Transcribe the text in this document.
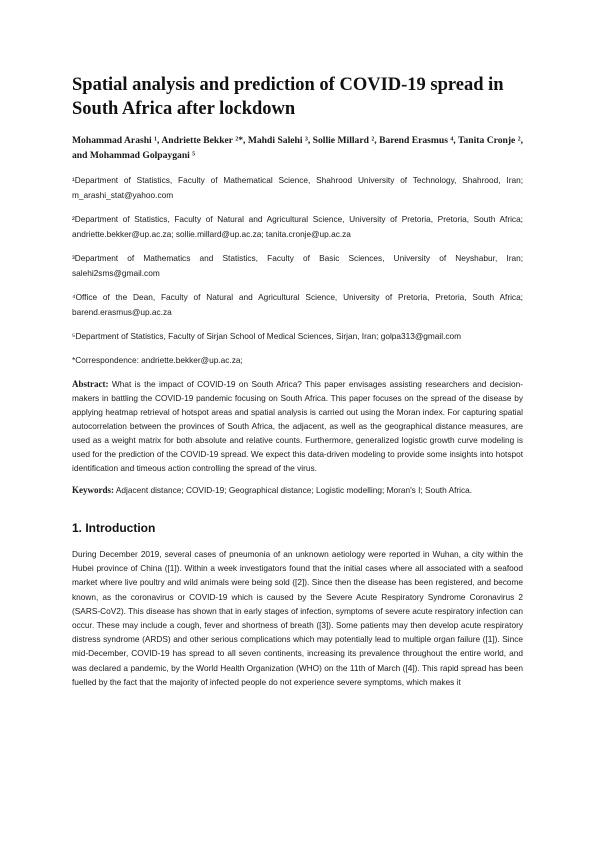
Spatial analysis and prediction of COVID-19 spread in South Africa after lockdown

Mohammad Arashi ¹, Andriette Bekker ²*, Mahdi Salehi ³, Sollie Millard ², Barend Erasmus ⁴, Tanita Cronje ², and Mohammad Golpaygani ⁵

¹Department of Statistics, Faculty of Mathematical Science, Shahrood University of Technology, Shahrood, Iran; m_arashi_stat@yahoo.com

²Department of Statistics, Faculty of Natural and Agricultural Science, University of Pretoria, Pretoria, South Africa; andriette.bekker@up.ac.za; sollie.millard@up.ac.za; tanita.cronje@up.ac.za

³Department of Mathematics and Statistics, Faculty of Basic Sciences, University of Neyshabur, Iran; salehi2sms@gmail.com

⁴Office of the Dean, Faculty of Natural and Agricultural Science, University of Pretoria, Pretoria, South Africa; barend.erasmus@up.ac.za

⁵Department of Statistics, Faculty of Sirjan School of Medical Sciences, Sirjan, Iran; golpa313@gmail.com

*Correspondence: andriette.bekker@up.ac.za;

Abstract: What is the impact of COVID-19 on South Africa? This paper envisages assisting researchers and decision-makers in battling the COVID-19 pandemic focusing on South Africa. This paper focuses on the spread of the disease by applying heatmap retrieval of hotspot areas and spatial analysis is carried out using the Moran index. For capturing spatial autocorrelation between the provinces of South Africa, the adjacent, as well as the geographical distance measures, are used as a weight matrix for both absolute and relative counts. Furthermore, generalized logistic growth curve modeling is used for the prediction of the COVID-19 spread. We expect this data-driven modeling to provide some insights into hotspot identification and timeous action controlling the spread of the virus.

Keywords: Adjacent distance; COVID-19; Geographical distance; Logistic modelling; Moran's I; South Africa.

1. Introduction

During December 2019, several cases of pneumonia of an unknown aetiology were reported in Wuhan, a city within the Hubei province of China ([1]). Within a week investigators found that the initial cases where all associated with a seafood market where live poultry and wild animals were being sold ([2]). Since then the disease has been registered, and become known, as the coronavirus or COVID-19 which is caused by the Severe Acute Respiratory Syndrome Coronavirus 2 (SARS-CoV2). This disease has shown that in early stages of infection, symptoms of severe acute respiratory infection can occur. These may include a cough, fever and shortness of breath ([3]). Some patients may then develop acute respiratory distress syndrome (ARDS) and other serious complications which may potentially lead to multiple organ failure ([1]). Since mid-December, COVID-19 has spread to all seven continents, increasing its prevalence throughout the entire world, and was declared a pandemic, by the World Health Organization (WHO) on the 11th of March ([4]). This rapid spread has been fuelled by the fact that the majority of infected people do not experience severe symptoms, which makes it
